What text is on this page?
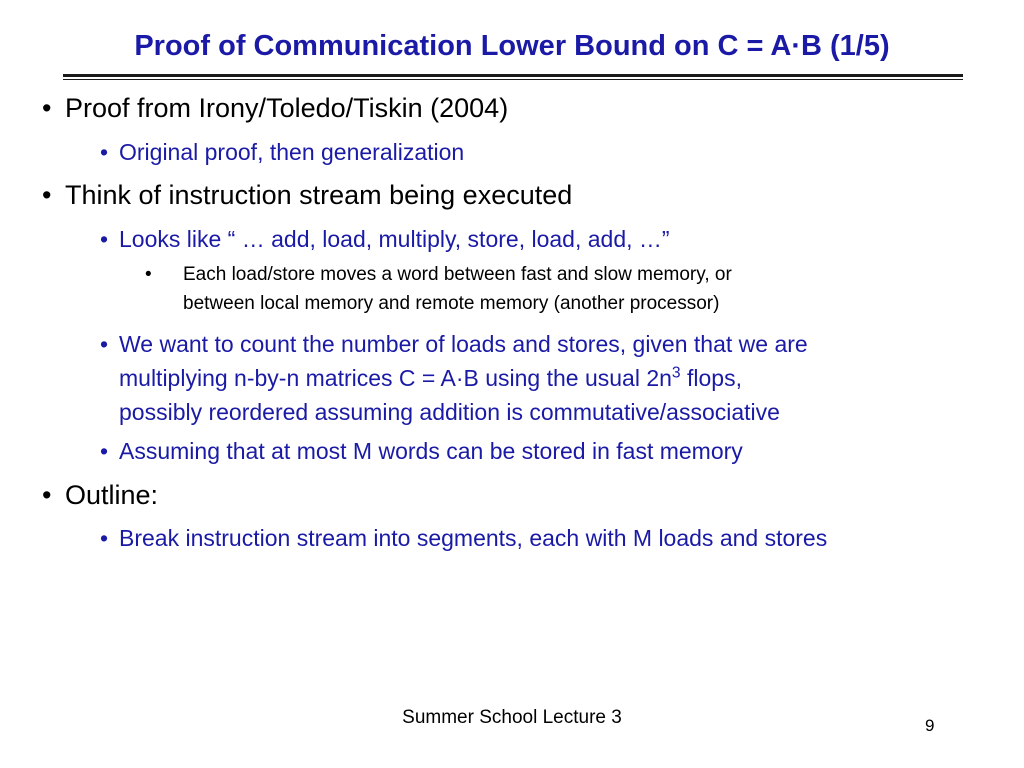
Proof of Communication Lower Bound on C = A·B (1/5)
• Proof from Irony/Toledo/Tiskin (2004)
• Original proof, then generalization
• Think of instruction stream being executed
• Looks like “ … add, load, multiply, store, load, add, …”
• Each load/store moves a word between fast and slow memory, or
between local memory and remote memory (another processor)
• We want to count the number of loads and stores, given that we are
multiplying n-by-n matrices C = A·B using the usual $2n^3$ flops,
possibly reordered assuming addition is commutative/associative
• Assuming that at most M words can be stored in fast memory
• Outline:
• Break instruction stream into segments, each with M loads and stores
Summer School Lecture 3	9
